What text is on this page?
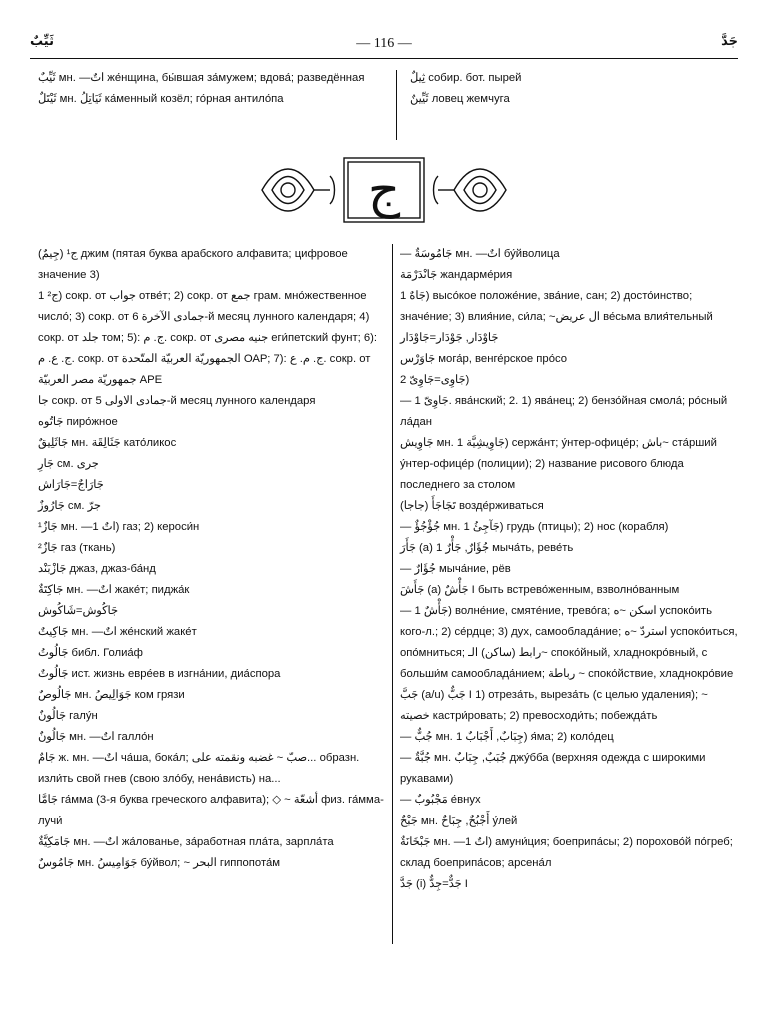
ثَيِّبٌ	— 116 —	جَدَّ
ثَيِّبٌ мн. —اتٌ же́нщина, бы́вшая за́мужем; вдова́; разведённая
ثَيْتَلٌ мн. ثَيَاتِلُ ка́менный козёл; го́рная антило́па
ثِيلٌ собир. бот. пырей
ثَيِّينٌ ловец жемчуга
ج
(جِيمٌ) ج¹ джим (пятая буква арабского алфавита; цифровое значение 3)
ج² 1) сокр. от جواب отве́т; 2) сокр. от جمع грам. мно́жественное число́; 3) сокр. от جمادى الآخرة 6-й месяц лунного календаря; 4) сокр. от جلد том; 5): ج. م. сокр. от جنيه مصرى еги́петский фунт; 6): ج. ع. م. сокр. от الجمهوريّة العربيّة المتّحدة ОАР; 7): ج. م. ع. сокр. от جمهوريّة مصر العربيّة АРЕ
جا сокр. от جمادى الاولى 5-й месяц лунного календаря
جَاتُوه пиро́жное
جَاثَلِيقٌ мн. جَثَالِقَة като́ликос
جَارِ см. جرى
جَارَاجٌ=جَارَاش
جَارُوزٌ см. جرّ
جَازٌ¹ мн. —اتٌ 1) газ; 2) кероси́н
جَازٌ² газ (ткань)
جَازْبَنْد джаз, джаз-ба́нд
جَاكِتَةٌ мн. —اتٌ жаке́т; пиджа́к
جَاكُوش=شَاكُوش
جَاكِيتٌ мн. —اتٌ же́нский жаке́т
جَالُوتُ библ. Голиа́ф
جَالُوتٌ ист. жизнь евре́ев в изгна́нии, диа́спора
جَالُوصٌ мн. جَوَالِيصُ ком грязи
جَالُونٌ галу́н
جَالُونٌ мн. —اتٌ галло́н
جَامٌ ж. мн. —اتٌ ча́ша, бока́л; صبّ ~ غضبه ونقمته على... образн. изли́ть свой гнев (свою зло́бу, нена́висть) на...
جَامَّا га́мма (3-я буква греческого алфавита); ◇ ~ أشعّة физ. га́мма-лучи́
جَامَكِيَّةٌ мн. —اتٌ жа́лованье, за́работная пла́та, зарпла́та
جَامُوسٌ мн. جَوَامِيسُ бу́йвол; ~ البحر гиппопота́м
— جَامُوسَةٌ мн. —اتٌ бу́йволица
جَانْدَرْمَة жандарме́рия
جَاهٌ 1) высо́кое положе́ние, зва́ние, сан; 2) досто́инство; значе́ние; 3) влия́ние, си́ла; ~ال عريض ве́сьма влия́тельный
جَاوْدَار, جَوْدَار=جَاوْدَار
جَاوَرْس мога́р, венге́рское про́со
جَاوِى=جَاوِىّ 2)
— جَاوِىّ 1. ява́нский; 2. 1) ява́нец; 2) бензо́йная смола́; ро́сный ла́дан
جَاوِيش мн. جَاوِيشِيَّة 1) сержа́нт; у́нтер-офице́р; باش~ ста́рший у́нтер-офице́р (полиции); 2) название рисового блюда последнего за столом
تَجَاجَأَ (جاجا) возде́рживаться
— جُؤْجُؤٌ мн. جَآجِئُ 1) грудь (птицы); 2) нос (корабля)
جَأَرَ (a) جُؤَارٌ, جَأْرٌ 1 мыча́ть, реве́ть
— جُؤَارٌ мыча́ние, рёв
جَأَشَ (a) جَأْشٌ I быть встрево́женным, взволно́ванным
— جَأْشٌ 1) волне́ние, смяте́ние, трево́га; اسكن ~ه успоко́ить кого-л.; 2) се́рдце; 3) дух, самооблада́ние; استردّ ~ه успоко́иться, опо́мниться; رابط (ساكن) الـ~ споко́йный, хладнокро́вный, с больши́м самооблада́нием; رباطة ~ споко́йствие, хладнокро́вие
جَبَّ (a/u) جَبٌّ I 1) отреза́ть, выреза́ть (с целью удаления); ~ خصيته кастри́ровать; 2) превосходи́ть; побежда́ть
— جُبٌّ мн. جِبَابٌ, أَجْبَابٌ 1) я́ма; 2) коло́дец
— جُبَّةٌ мн. جُبَبٌ, جِبَابٌ джу́бба (верхняя одежда с широкими рукавами)
— مَجْبُوبٌ е́внух
جَبْحٌ мн. أَجْبُحٌ, جِبَاحٌ у́лей
جَبْخَانَةٌ мн. —اتٌ 1) амуни́ция; боеприпа́сы; 2) порохово́й по́греб; склад боеприпа́сов; арсена́л
جَدَّ (i) جَدٌّ=جِدٌّ I
